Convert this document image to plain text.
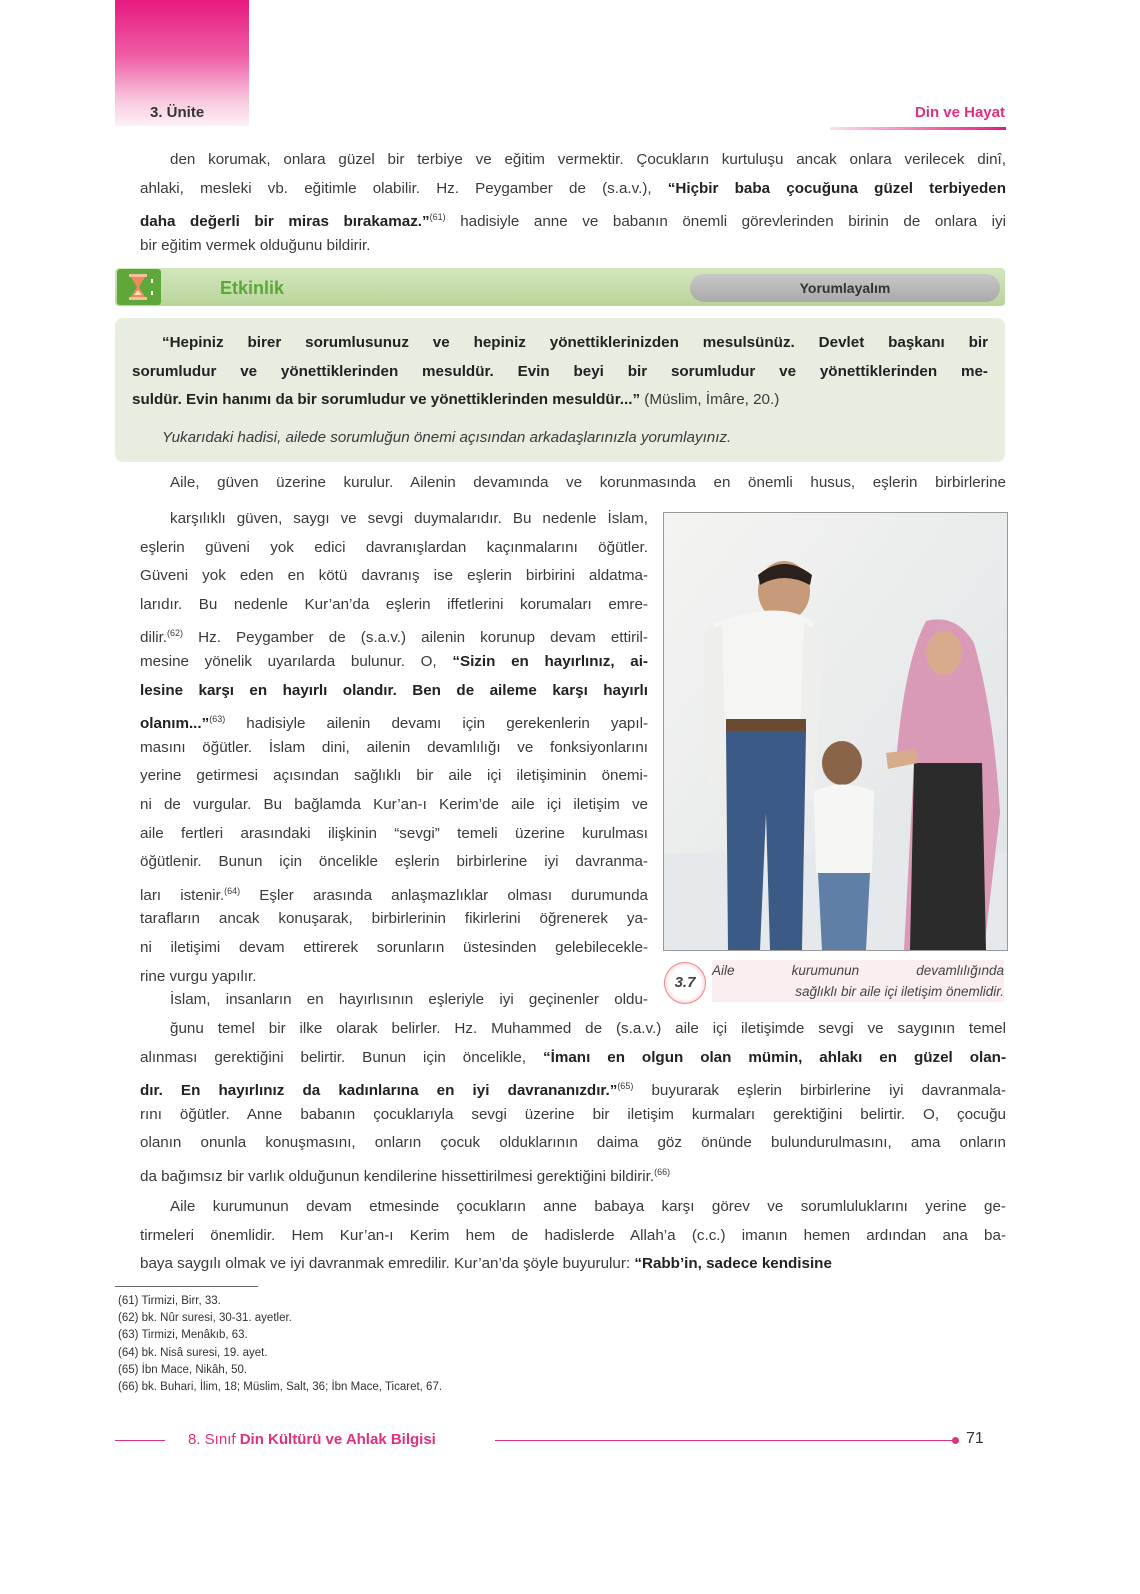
3. Ünite	Din ve Hayat
den korumak, onlara güzel bir terbiye ve eğitim vermektir. Çocukların kurtuluşu ancak onlara verilecek dinî,
ahlaki, mesleki vb. eğitimle olabilir. Hz. Peygamber de (s.a.v.), “Hiçbir baba çocuğuna güzel terbiyeden
daha değerli bir miras bırakamaz.”$^{(61)}$ hadisiyle anne ve babanın önemli görevlerinden birinin de onlara iyi
bir eğitim vermek olduğunu bildirir.
Etkinlik	Yorumlayalım
“Hepiniz birer sorumlusunuz ve hepiniz yönettiklerinizden mesulsünüz. Devlet başkanı bir
sorumludur ve yönettiklerinden mesuldür. Evin beyi bir sorumludur ve yönettiklerinden me-
suldür. Evin hanımı da bir sorumludur ve yönettiklerinden mesuldür...” (Müslim, İmâre, 20.)
Yukarıdaki hadisi, ailede sorumluğun önemi açısından arkadaşlarınızla yorumlayınız.
Aile, güven üzerine kurulur. Ailenin devamında ve korunmasında en önemli husus, eşlerin birbirlerine
karşılıklı güven, saygı ve sevgi duymalarıdır. Bu nedenle İslam,
eşlerin güveni yok edici davranışlardan kaçınmalarını öğütler.
Güveni yok eden en kötü davranış ise eşlerin birbirini aldatma-
larıdır. Bu nedenle Kur’an’da eşlerin iffetlerini korumaları emre-
dilir.$^{(62)}$ Hz. Peygamber de (s.a.v.) ailenin korunup devam ettiril-
mesine yönelik uyarılarda bulunur. O, “Sizin en hayırlınız, ai-
lesine karşı en hayırlı olandır. Ben de aileme karşı hayırlı
olanım...”$^{(63)}$ hadisiyle ailenin devamı için gerekenlerin yapıl-
masını öğütler. İslam dini, ailenin devamlılığı ve fonksiyonlarını
yerine getirmesi açısından sağlıklı bir aile içi iletişiminin önemi-
ni de vurgular. Bu bağlamda Kur’an-ı Kerim’de aile içi iletişim ve
aile fertleri arasındaki ilişkinin “sevgi” temeli üzerine kurulması
öğütlenir. Bunun için öncelikle eşlerin birbirlerine iyi davranma-
ları istenir.$^{(64)}$ Eşler arasında anlaşmazlıklar olması durumunda
tarafların ancak konuşarak, birbirlerinin fikirlerini öğrenerek ya-
ni iletişimi devam ettirerek sorunların üstesinden gelebilecekle-
rine vurgu yapılır.
İslam, insanların en hayırlısının eşleriyle iyi geçinenler oldu-
ğunu temel bir ilke olarak belirler. Hz. Muhammed de (s.a.v.) aile içi iletişimde sevgi ve saygının temel
alınması gerektiğini belirtir. Bunun için öncelikle, “İmanı en olgun olan mümin, ahlakı en güzel olan-
dır. En hayırlınız da kadınlarına en iyi davrananızdır.”$^{(65)}$ buyurarak eşlerin birbirlerine iyi davranmala-
rını öğütler. Anne babanın çocuklarıyla sevgi üzerine bir iletişim kurmaları gerektiğini belirtir. O, çocuğu
olanın onunla konuşmasını, onların çocuk olduklarının daima göz önünde bulundurulmasını, ama onların
da bağımsız bir varlık olduğunun kendilerine hissettirilmesi gerektiğini bildirir.$^{(66)}$
Aile kurumunun devam etmesinde çocukların anne babaya karşı görev ve sorumluluklarını yerine ge-
tirmeleri önemlidir. Hem Kur’an-ı Kerim hem de hadislerde Allah’a (c.c.) imanın hemen ardından ana ba-
baya saygılı olmak ve iyi davranmak emredilir. Kur’an’da şöyle buyurulur: “Rabb’in, sadece kendisine
3.7
Aile kurumunun devamlılığında
sağlıklı bir aile içi iletişim önemlidir.
(61) Tirmizi, Birr, 33.
(62) bk. Nûr suresi, 30-31. ayetler.
(63) Tirmizi, Menâkıb, 63.
(64) bk. Nisâ suresi, 19. ayet.
(65) İbn Mace, Nikâh, 50.
(66) bk. Buhari, İlim, 18; Müslim, Salt, 36; İbn Mace, Ticaret, 67.
8. Sınıf Din Kültürü ve Ahlak Bilgisi	71
